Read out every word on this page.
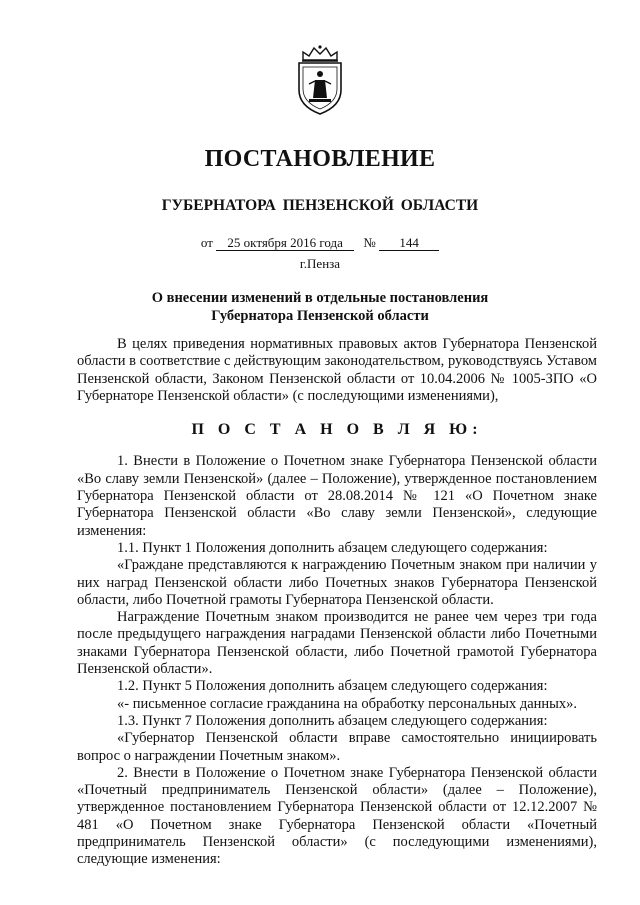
ПОСТАНОВЛЕНИЕ
ГУБЕРНАТОРА ПЕНЗЕНСКОЙ ОБЛАСТИ
от 25 октября 2016 года № 144
г.Пенза
О внесении изменений в отдельные постановления
Губернатора Пензенской области

В целях приведения нормативных правовых актов Губернатора Пензенской области в соответствие с действующим законодательством, руководствуясь Уставом Пензенской области, Законом Пензенской области от 10.04.2006 № 1005-ЗПО «О Губернаторе Пензенской области» (с последующими изменениями),

П О С Т А Н О В Л Я Ю:

1. Внести в Положение о Почетном знаке Губернатора Пензенской области «Во славу земли Пензенской» (далее – Положение), утвержденное постановлением Губернатора Пензенской области от 28.08.2014 № 121 «О Почетном знаке Губернатора Пензенской области «Во славу земли Пензенской», следующие изменения:

1.1. Пункт 1 Положения дополнить абзацем следующего содержания:

«Граждане представляются к награждению Почетным знаком при наличии у них наград Пензенской области либо Почетных знаков Губернатора Пензенской области, либо Почетной грамоты Губернатора Пензенской области.

Награждение Почетным знаком производится не ранее чем через три года после предыдущего награждения наградами Пензенской области либо Почетными знаками Губернатора Пензенской области, либо Почетной грамотой Губернатора Пензенской области».

1.2. Пункт 5 Положения дополнить абзацем следующего содержания:

«- письменное согласие гражданина на обработку персональных данных».

1.3. Пункт 7 Положения дополнить абзацем следующего содержания:

«Губернатор Пензенской области вправе самостоятельно инициировать вопрос о награждении Почетным знаком».

2. Внести в Положение о Почетном знаке Губернатора Пензенской области «Почетный предприниматель Пензенской области» (далее – Положение), утвержденное постановлением Губернатора Пензенской области от 12.12.2007 № 481 «О Почетном знаке Губернатора Пензенской области «Почетный предприниматель Пензенской области» (с последующими изменениями), следующие изменения:
